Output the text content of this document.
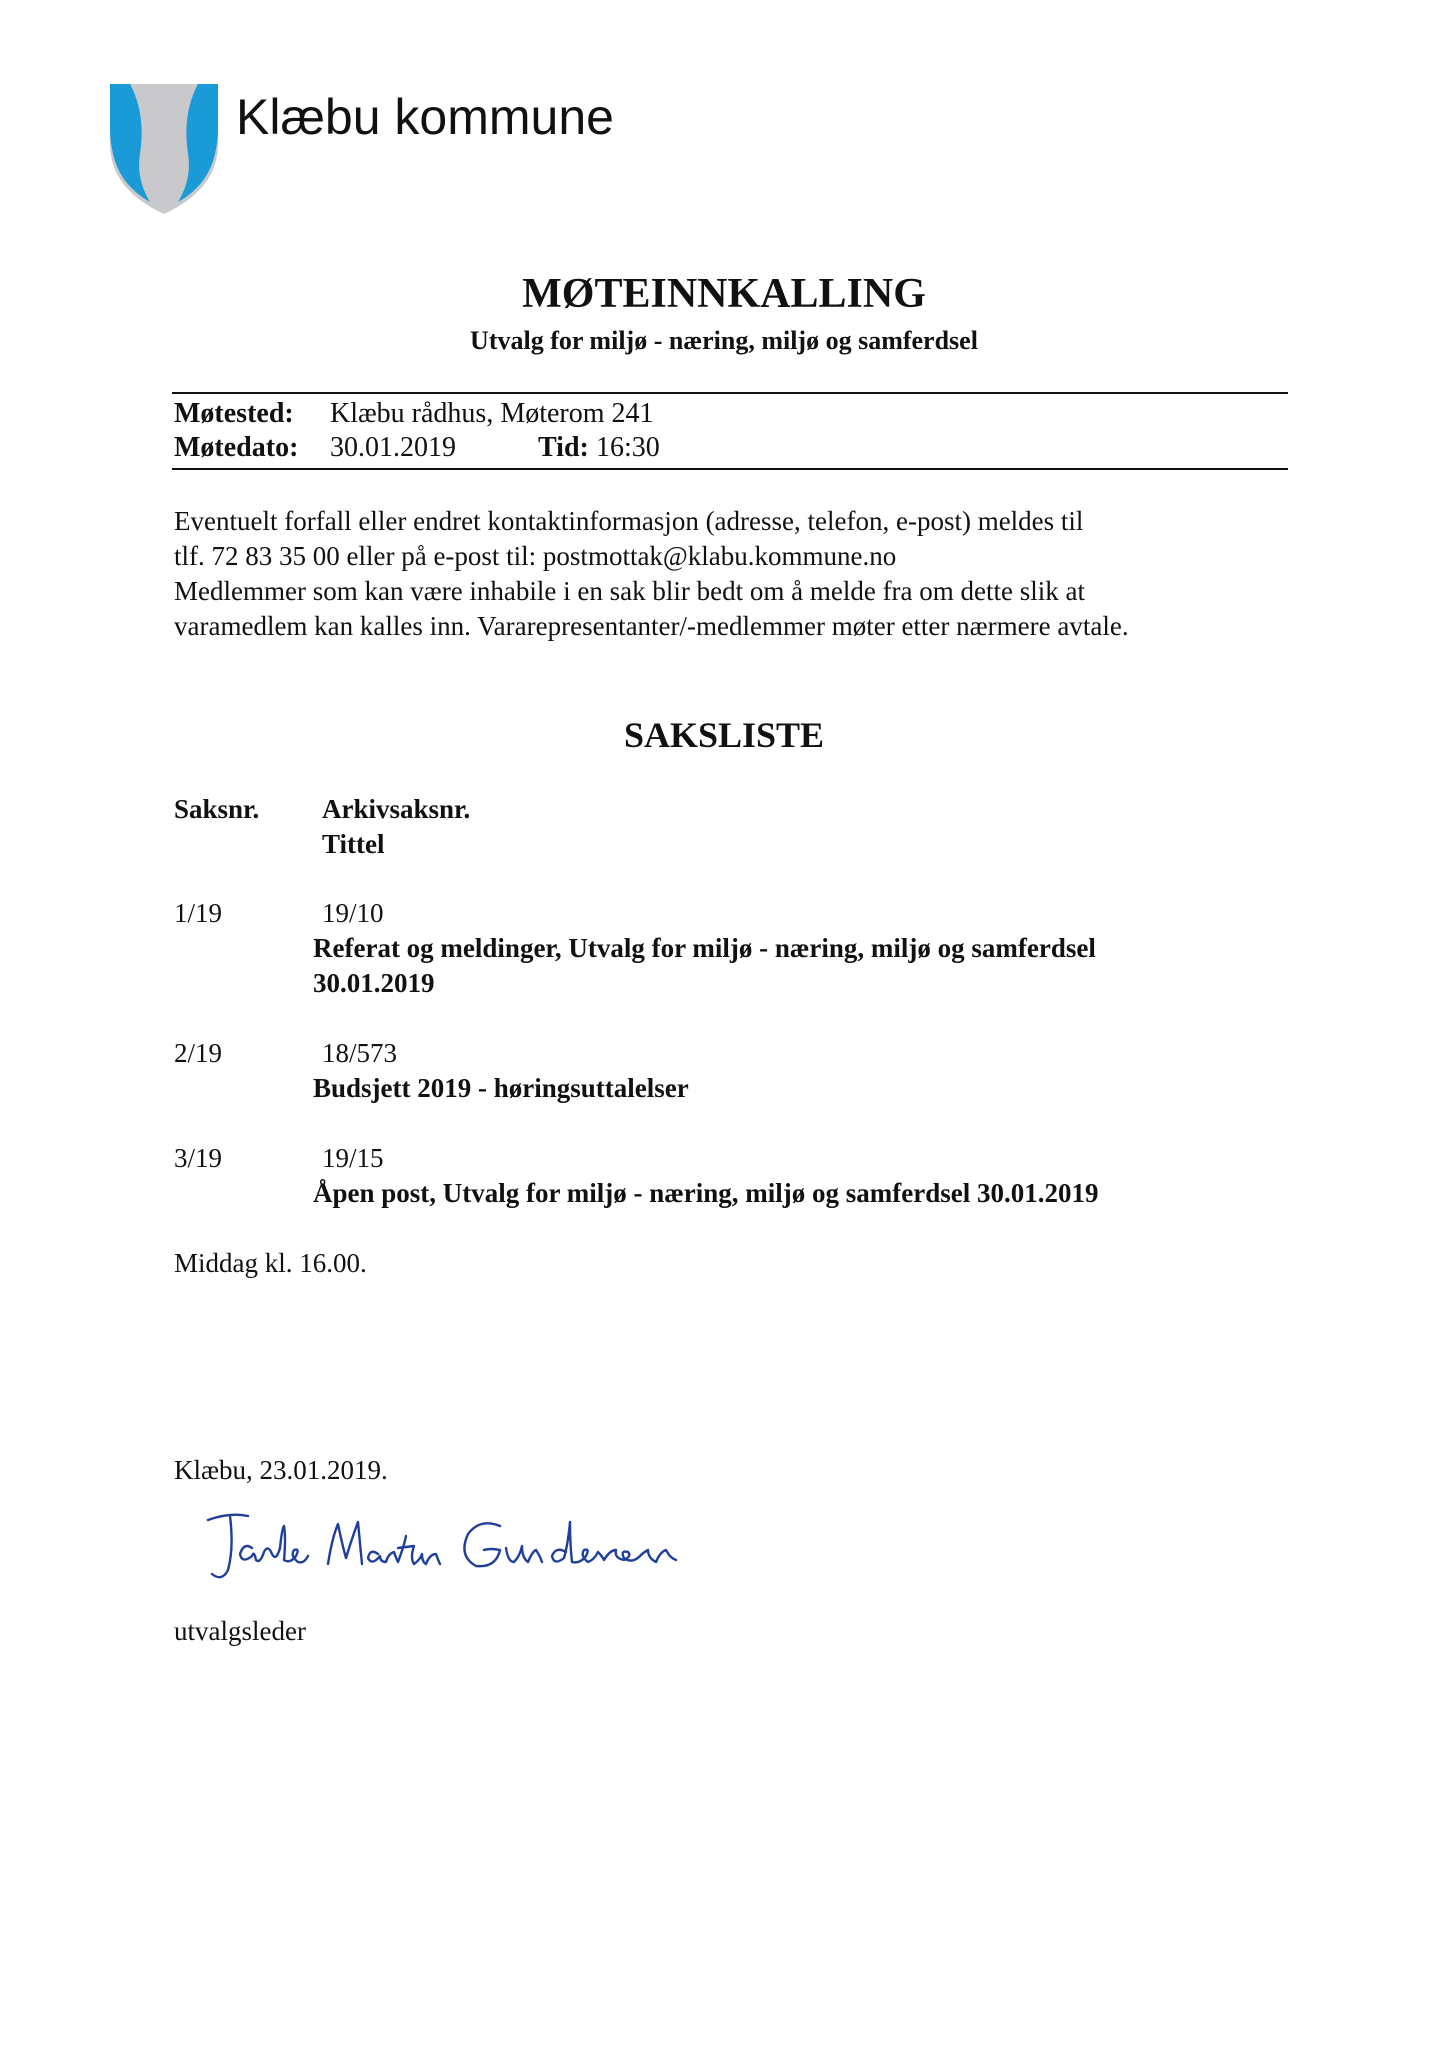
Klæbu kommune
MØTEINNKALLING
Utvalg for miljø - næring, miljø og samferdsel
Møtested: Klæbu rådhus, Møterom 241
Møtedato: 30.01.2019	Tid: 16:30
Eventuelt forfall eller endret kontaktinformasjon (adresse, telefon, e-post) meldes til
tlf. 72 83 35 00 eller på e-post til: postmottak@klabu.kommune.no
Medlemmer som kan være inhabile i en sak blir bedt om å melde fra om dette slik at
varamedlem kan kalles inn. Vararepresentanter/-medlemmer møter etter nærmere avtale.
SAKSLISTE
Saksnr. Arkivsaksnr.
Tittel
1/19	19/10
Referat og meldinger, Utvalg for miljø - næring, miljø og samferdsel
30.01.2019
2/19	18/573
Budsjett 2019 - høringsuttalelser
3/19	19/15
Åpen post, Utvalg for miljø - næring, miljø og samferdsel 30.01.2019
Middag kl. 16.00.
Klæbu, 23.01.2019.
utvalgsleder
